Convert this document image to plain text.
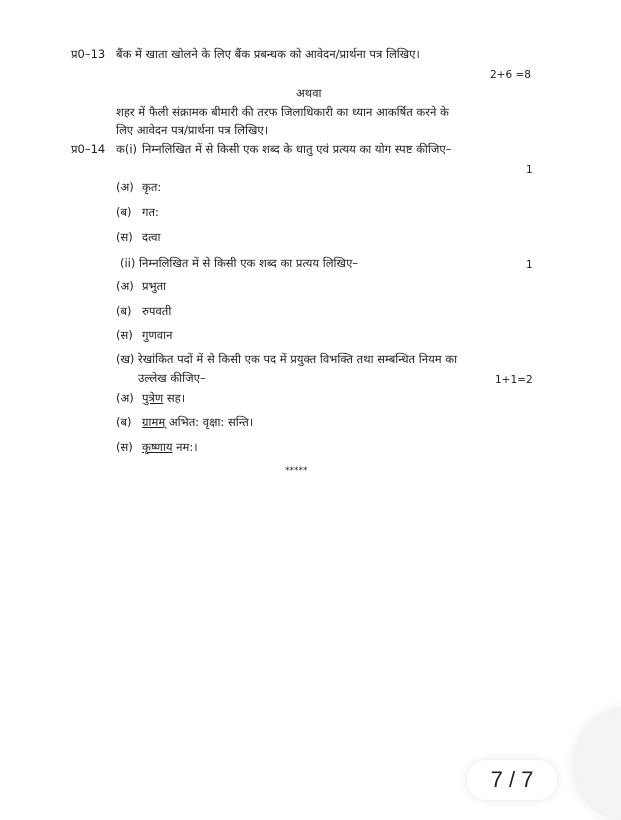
प्र0–13 बैंक में खाता खोलने के लिए बैंक प्रबन्धक को आवेदन/प्रार्थना पत्र लिखिए।
2+6 =8
अथवा
शहर में फैली संक्रामक बीमारी की तरफ जिलाधिकारी का ध्यान आकर्षित करने के
लिए आवेदन पत्र/प्रार्थना पत्र लिखिए।
प्र0–14 क(i) निम्नलिखित में से किसी एक शब्द के धातु एवं प्रत्यय का योग स्पष्ट कीजिए–
1
(अ) कृत:
(ब) गत:
(स) दत्वा
(ii) निम्नलिखित में से किसी एक शब्द का प्रत्यय लिखिए–	1
(अ) प्रभुता
(ब) रुपवती
(स) गुणवान
(ख) रेखांकित पदों में से किसी एक पद में प्रयुक्त विभक्ति तथा सम्बन्धित नियम का
उल्लेख कीजिए–	1+1=2
(अ) पुत्रेण सह।
(ब) ग्रामम् अभित: वृक्षा: सन्ति।
(स) कृष्णाय नम:।
*****
7 / 7
